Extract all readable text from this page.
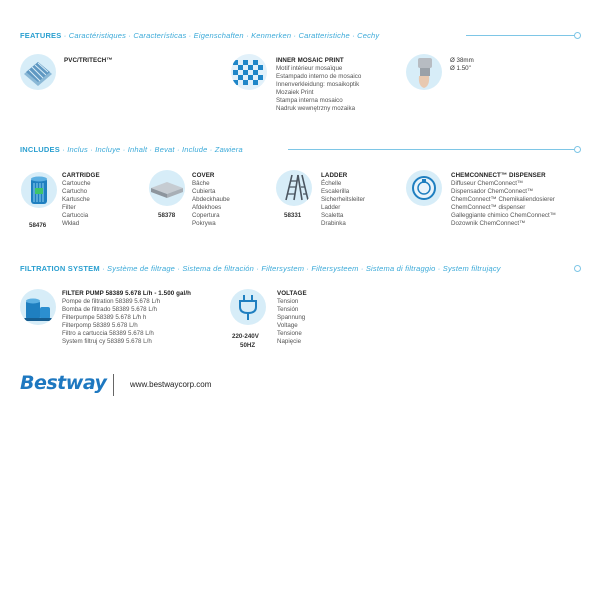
FEATURES · Caractéristiques · Características · Eigenschaften · Kenmerken · Caratteristiche · Cechy
PVC/TRITECH™	INNER MOSAIC PRINT
Motif intérieur mosaïque
Estampado interno de mosaico
Innenverkleidung: mosaikoptik
Mozaiek Print
Stampa interna mosaico
Nadruk wewnętrzny mozaika
Ø 38mm
Ø 1.50"
INCLUDES · Inclus · Incluye · Inhalt · Bevat · Include · Zawiera
58476
CARTRIDGE
Cartouche
Cartucho
Kartusche
Filter
Cartuccia
Wkład
58378
COVER
Bâche
Cubierta
Abdeckhaube
Afdekhoes
Copertura
Pokrywa
58331
LADDER
Échelle
Escalerilla
Sicherheitsleiter
Ladder
Scaletta
Drabinka
CHEMCONNECT™ DISPENSER
Diffuseur ChemConnect™
Dispensador ChemConnect™
ChemConnect™ Chemikaliendosierer
ChemConnect™ dispenser
Galleggiante chimico ChemConnect™
Dozownik ChemConnect™
FILTRATION SYSTEM · Système de filtrage · Sistema de filtración · Filtersystem · Filtersysteem · Sistema di filtraggio · System filtrujący
FILTER PUMP 58389 5.678 L/h - 1.500 gal/h
Pompe de filtration 58389 5.678 L/h
Bomba de filtrado 58389 5.678 L/h
Filterpumpe 58389 5.678 L/h h
Filterpomp 58389 5.678 L/h
Filtro a cartuccia 58389 5.678 L/h
System filtruj cy 58389 5.678 L/h
220-240V
50HZ
VOLTAGE
Tension
Tensión
Spannung
Voltage
Tensione
Napięcie
Bestway	www.bestwaycorp.com
